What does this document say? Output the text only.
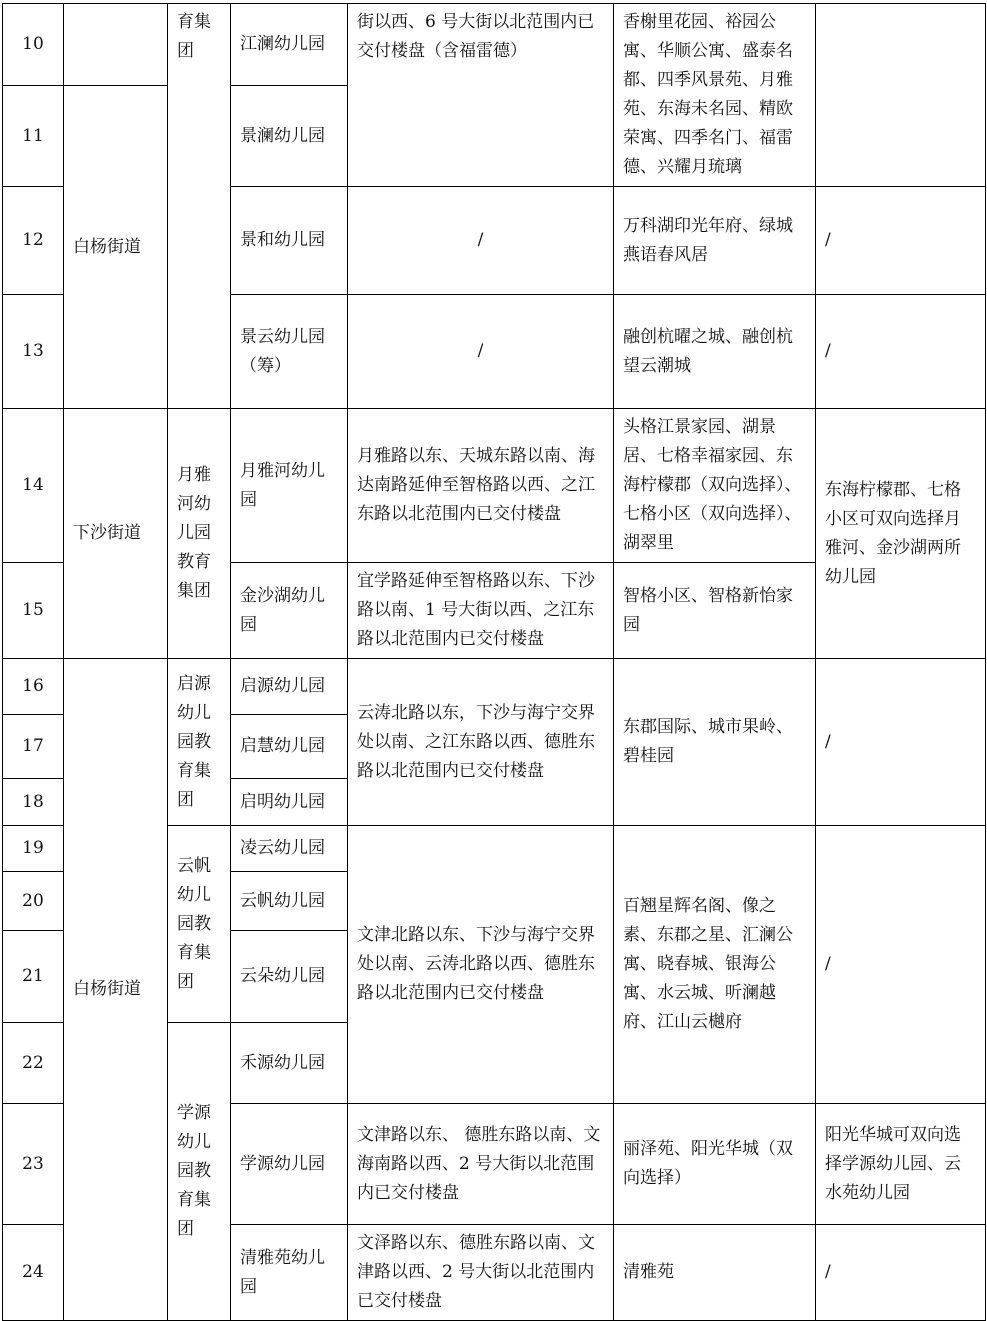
10		育集团	江澜幼儿园	街以西、6 号大街以北范围内已交付楼盘（含福雷德）	香榭里花园、裕园公寓、华顺公寓、盛泰名都、四季风景苑、月雅苑、东海未名园、精欧荣寓、四季名门、福雷德、兴耀月琉璃	
11	白杨街道		景澜幼儿园			
12			景和幼儿园	/	万科湖印光年府、绿城燕语春风居	/
13			景云幼儿园（筹）	/	融创杭曜之城、融创杭望云潮城	/
14	下沙街道	月雅河幼儿园教育集团	月雅河幼儿园	月雅路以东、天城东路以南、海达南路延伸至智格路以西、之江东路以北范围内已交付楼盘	头格江景家园、湖景居、七格幸福家园、东海柠檬郡（双向选择）、七格小区（双向选择）、湖翠里	东海柠檬郡、七格小区可双向选择月雅河、金沙湖两所幼儿园
15			金沙湖幼儿园	宜学路延伸至智格路以东、下沙路以南、1 号大街以西、之江东路以北范围内已交付楼盘	智格小区、智格新怡家园	
16	白杨街道	启源幼儿园教育集团	启源幼儿园	云涛北路以东，下沙与海宁交界处以南、之江东路以西、德胜东路以北范围内已交付楼盘	东郡国际、城市果岭、碧桂园	/
17			启慧幼儿园			
18			启明幼儿园			
19		云帆幼儿园教育集团	凌云幼儿园	文津北路以东、下沙与海宁交界处以南、云涛北路以西、德胜东路以北范围内已交付楼盘	百翘星辉名阁、像之素、东郡之星、汇澜公寓、晓春城、银海公寓、水云城、听澜越府、江山云樾府	/
20			云帆幼儿园			
21			云朵幼儿园			
22		学源幼儿园教育集团	禾源幼儿园			
23			学源幼儿园	文津路以东、 德胜东路以南、文海南路以西、2 号大街以北范围内已交付楼盘	丽泽苑、阳光华城（双向选择）	阳光华城可双向选择学源幼儿园、云水苑幼儿园
24			清雅苑幼儿园	文泽路以东、德胜东路以南、文津路以西、2 号大街以北范围内已交付楼盘	清雅苑	/
